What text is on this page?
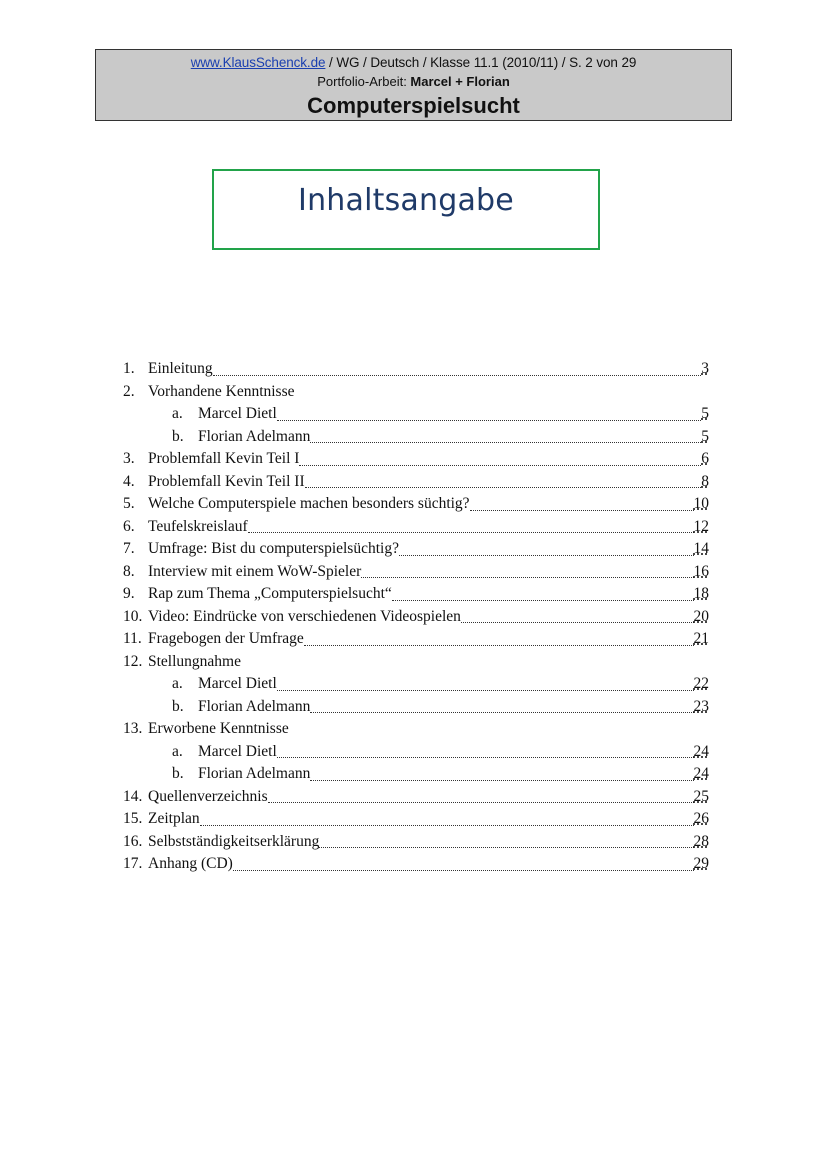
www.KlausSchenck.de / WG / Deutsch / Klasse 11.1 (2010/11) / S. 2 von 29
Portfolio-Arbeit: Marcel + Florian
Computerspielsucht
Inhaltsangabe
1. Einleitung	3
2. Vorhandene Kenntnisse
a. Marcel Dietl	5
b. Florian Adelmann	5
3. Problemfall Kevin Teil I	6
4. Problemfall Kevin Teil II	8
5. Welche Computerspiele machen besonders süchtig?	10
6. Teufelskreislauf	12
7. Umfrage: Bist du computerspielsüchtig?	14
8. Interview mit einem WoW-Spieler	16
9. Rap zum Thema „Computerspielsucht“	18
10. Video: Eindrücke von verschiedenen Videospielen	20
11. Fragebogen der Umfrage	21
12. Stellungnahme
a. Marcel Dietl	22
b. Florian Adelmann	23
13. Erworbene Kenntnisse
a. Marcel Dietl	24
b. Florian Adelmann	24
14. Quellenverzeichnis	25
15. Zeitplan	26
16. Selbstständigkeitserklärung	28
17. Anhang (CD)	29
